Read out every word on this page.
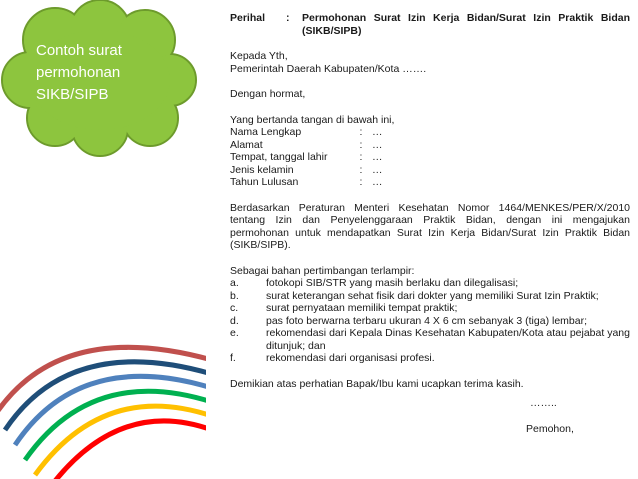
Contoh surat
permohonan
SIKB/SIPB
Perihal	:	Permohonan Surat Izin Kerja Bidan/Surat Izin Praktik Bidan (SIKB/SIPB)
Kepada Yth,
Pemerintah Daerah Kabupaten/Kota …….
Dengan hormat,
Yang bertanda tangan di bawah ini,
Nama Lengkap	: …
Alamat	: …
Tempat, tanggal lahir	: …
Jenis kelamin	: …
Tahun Lulusan	: …
Berdasarkan Peraturan Menteri Kesehatan Nomor 1464/MENKES/PER/X/2010 tentang Izin dan Penyelenggaraan Praktik Bidan, dengan ini mengajukan permohonan untuk mendapatkan Surat Izin Kerja Bidan/Surat Izin Praktik Bidan (SIKB/SIPB).
Sebagai bahan pertimbangan terlampir:
a.	fotokopi SIB/STR yang masih berlaku dan dilegalisasi;
b.	surat keterangan sehat fisik dari dokter yang memiliki Surat Izin Praktik;
c.	surat pernyataan memiliki tempat praktik;
d.	pas foto berwarna terbaru ukuran 4 X 6 cm sebanyak 3 (tiga) lembar;
e.	rekomendasi dari Kepala Dinas Kesehatan Kabupaten/Kota atau pejabat yang ditunjuk; dan
f.	rekomendasi dari organisasi profesi.
Demikian atas perhatian Bapak/Ibu kami ucapkan terima kasih.
……..
Pemohon,
